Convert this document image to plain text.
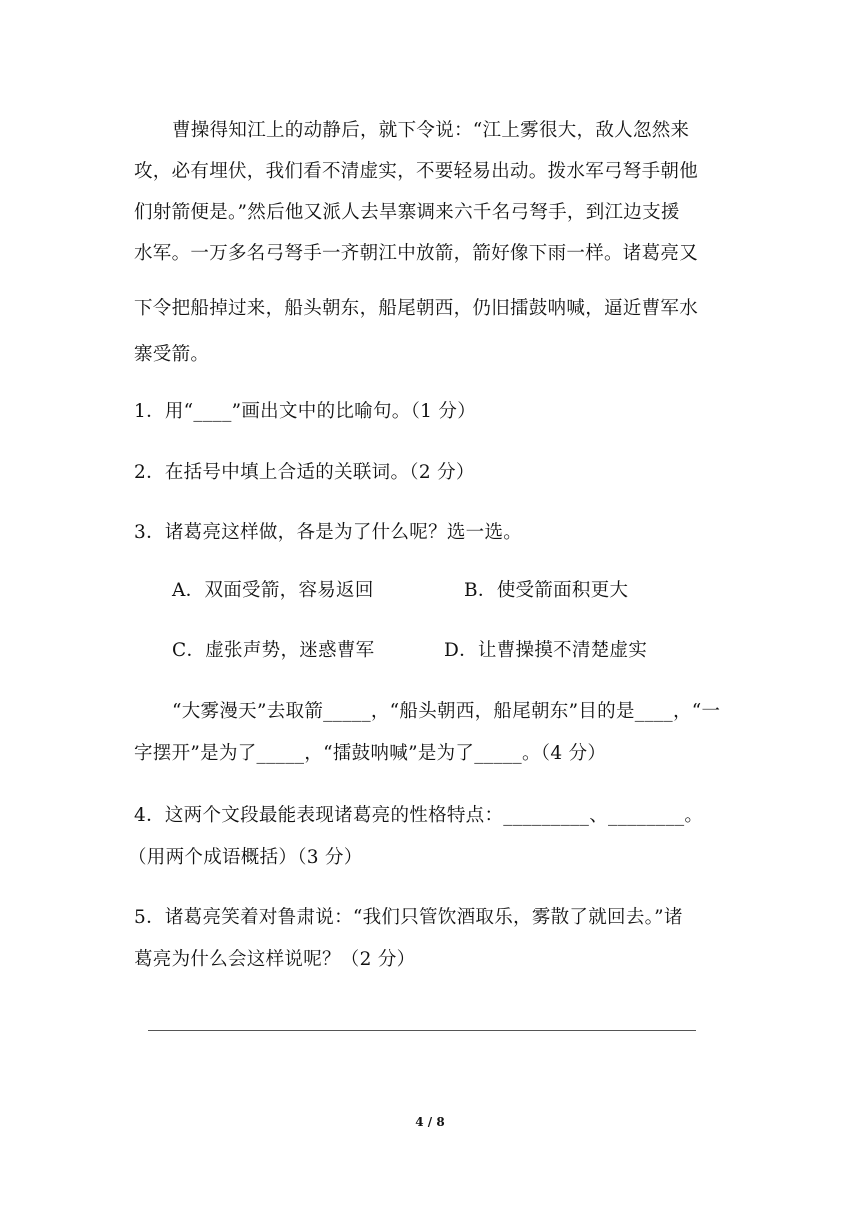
曹操得知江上的动静后，就下令说：“江上雾很大，敌人忽然来
攻，必有埋伏，我们看不清虚实，不要轻易出动。拨水军弓弩手朝他
们射箭便是。”然后他又派人去旱寨调来六千名弓弩手，到江边支援
水军。一万多名弓弩手一齐朝江中放箭，箭好像下雨一样。诸葛亮又
下令把船掉过来，船头朝东，船尾朝西，仍旧擂鼓呐喊，逼近曹军水
寨受箭。
1．用“____”画出文中的比喻句。（1 分）
2．在括号中填上合适的关联词。（2 分）
3．诸葛亮这样做，各是为了什么呢？选一选。
A．双面受箭，容易返回	B．使受箭面积更大
C．虚张声势，迷惑曹军	D．让曹操摸不清楚虚实
“大雾漫天”去取箭_____，“船头朝西，船尾朝东”目的是____，“一
字摆开”是为了_____，“擂鼓呐喊”是为了_____。（4 分）
4．这两个文段最能表现诸葛亮的性格特点：_________、________。
（用两个成语概括）（3 分）
5．诸葛亮笑着对鲁肃说：“我们只管饮酒取乐，雾散了就回去。”诸
葛亮为什么会这样说呢？（2 分）
4 / 8
